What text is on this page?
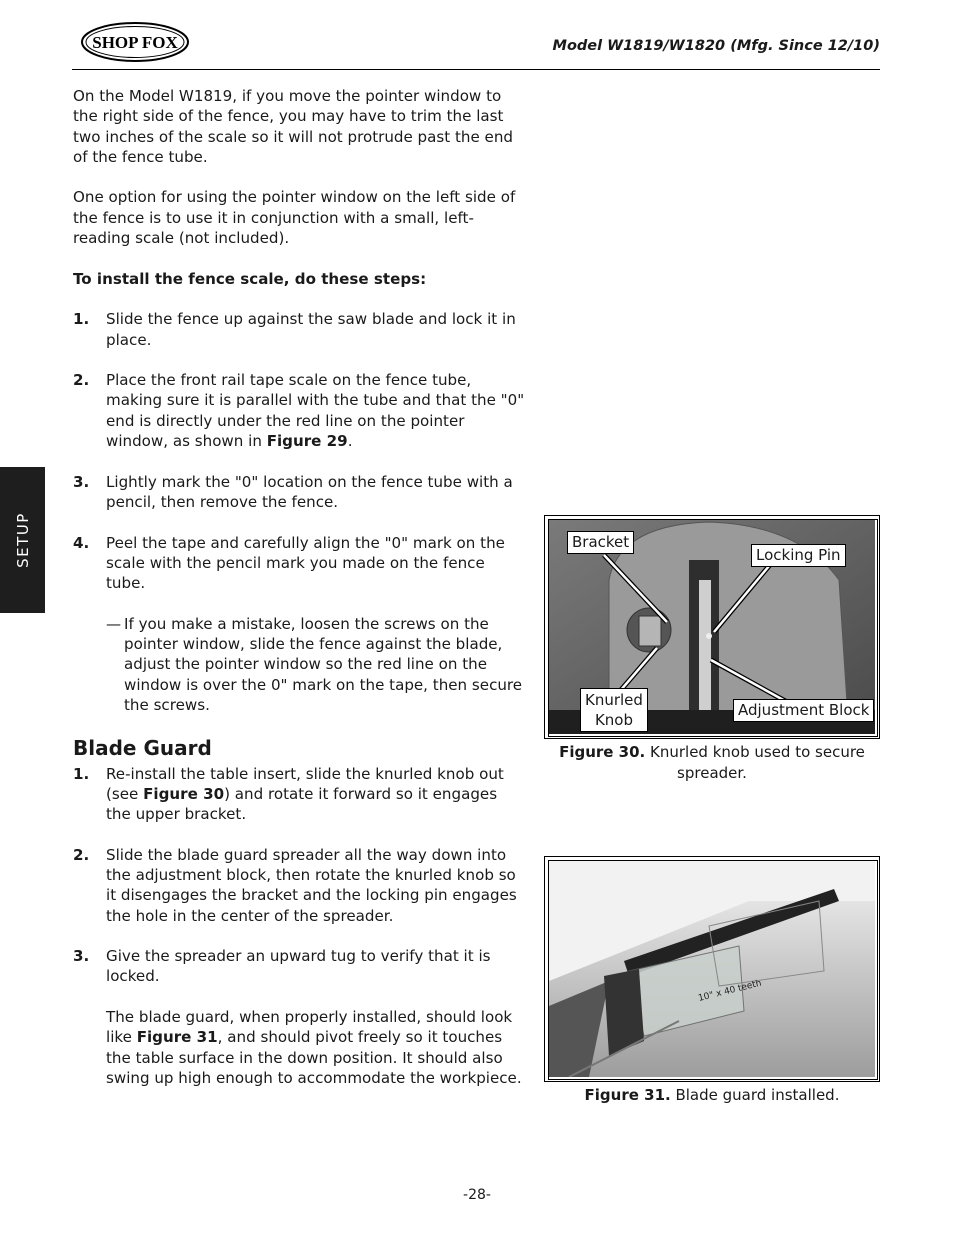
SHOP FOX	Model W1819/W1820 (Mfg. Since 12/10)
SETUP

On the Model W1819, if you move the pointer window to the right side of the fence, you may have to trim the last two inches of the scale so it will not protrude past the end of the fence tube.

One option for using the pointer window on the left side of the fence is to use it in conjunction with a small, left-reading scale (not included).

To install the fence scale, do these steps:

1.	Slide the fence up against the saw blade and lock it in place.
2.	Place the front rail tape scale on the fence tube, making sure it is parallel with the tube and that the "0" end is directly under the red line on the pointer window, as shown in Figure 29.
3.	Lightly mark the "0" location on the fence tube with a pencil, then remove the fence.
4.	Peel the tape and carefully align the "0" mark on the scale with the pencil mark you made on the fence tube.
— If you make a mistake, loosen the screws on the pointer window, slide the fence against the blade, adjust the pointer window so the red line on the window is over the 0" mark on the tape, then secure the screws.
Blade Guard
1.	Re-install the table insert, slide the knurled knob out (see Figure 30) and rotate it forward so it engages the upper bracket.
2.	Slide the blade guard spreader all the way down into the adjustment block, then rotate the knurled knob so it disengages the bracket and the locking pin engages the hole in the center of the spreader.
3.	Give the spreader an upward tug to verify that it is locked.
The blade guard, when properly installed, should look like Figure 31, and should pivot freely so it touches the table surface in the down position. It should also swing up high enough to accommodate the workpiece.
Bracket
Locking Pin
Knurled
Knob
Adjustment Block
Figure 30. Knurled knob used to secure spreader.
10" x 40 teeth
Figure 31. Blade guard installed.
-28-
